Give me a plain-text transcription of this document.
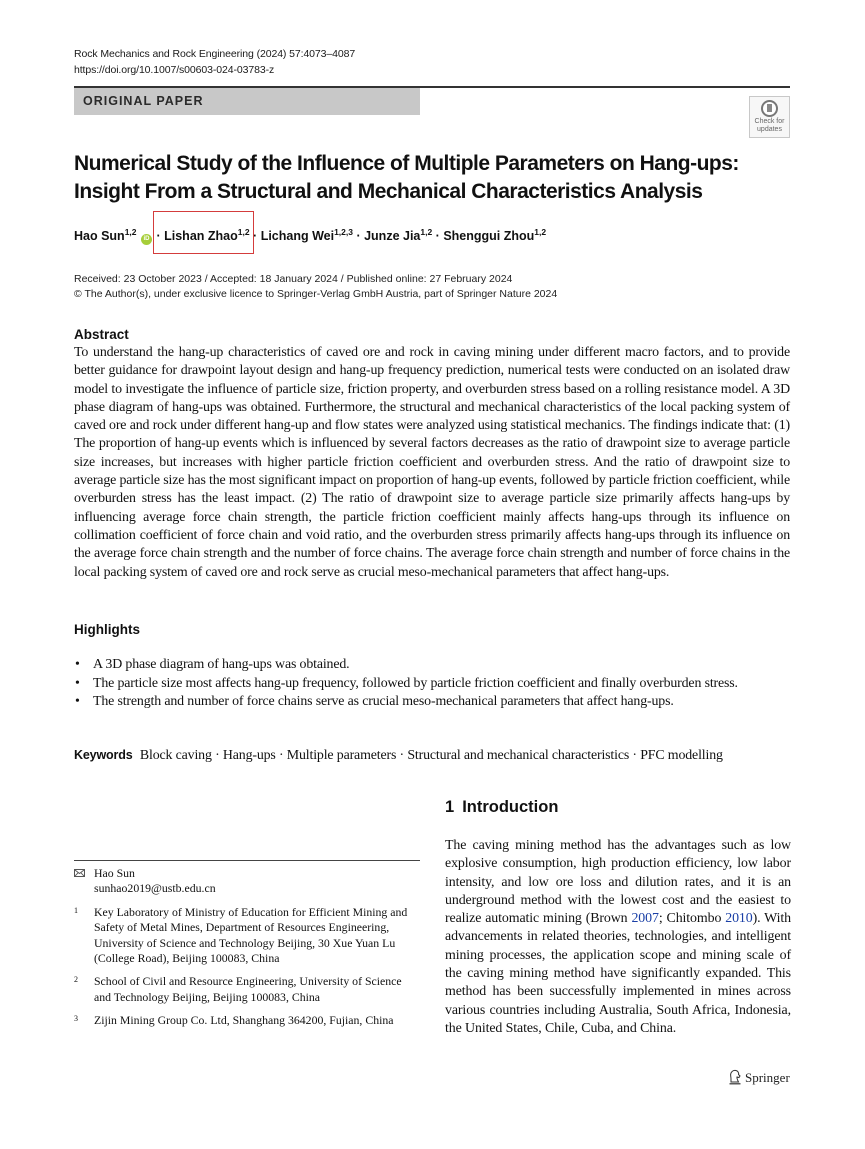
Rock Mechanics and Rock Engineering (2024) 57:4073–4087
https://doi.org/10.1007/s00603-024-03783-z
ORIGINAL PAPER
Check for
updates
Numerical Study of the Influence of Multiple Parameters on Hang-ups:
Insight From a Structural and Mechanical Characteristics Analysis
Hao Sun$^{1,2}$ iD · Lishan Zhao$^{1,2}$ · Lichang Wei$^{1,2,3}$ · Junze Jia$^{1,2}$ · Shenggui Zhou$^{1,2}$
Received: 23 October 2023 / Accepted: 18 January 2024 / Published online: 27 February 2024
© The Author(s), under exclusive licence to Springer-Verlag GmbH Austria, part of Springer Nature 2024
Abstract
To understand the hang-up characteristics of caved ore and rock in caving mining under different macro factors, and to provide better guidance for drawpoint layout design and hang-up frequency prediction, numerical tests were conducted on an isolated draw model to investigate the influence of particle size, friction property, and overburden stress based on a rolling resistance model. A 3D phase diagram of hang-ups was obtained. Furthermore, the structural and mechanical characteristics of the local packing system of caved ore and rock under different hang-up and flow states were analyzed using statistical mechanics. The findings indicate that: (1) The proportion of hang-up events which is influenced by several factors decreases as the ratio of drawpoint size to average particle size increases, but increases with higher particle friction coefficient and overburden stress. And the ratio of drawpoint size to average particle size has the most significant impact on proportion of hang-up events, followed by particle friction coefficient, while overburden stress has the least impact. (2) The ratio of drawpoint size to average particle size primarily affects hang-ups by influencing average force chain strength, the particle friction coefficient mainly affects hang-ups through its influence on collimation coefficient of force chain and void ratio, and the overburden stress primarily affects hang-ups through its influence on the average force chain strength and the number of force chains. The average force chain strength and number of force chains in the local packing system of caved ore and rock serve as crucial meso-mechanical parameters that affect hang-ups.
Highlights
• A 3D phase diagram of hang-ups was obtained.
• The particle size most affects hang-up frequency, followed by particle friction coefficient and finally overburden stress.
• The strength and number of force chains serve as crucial meso-mechanical parameters that affect hang-ups.
Keywords Block caving · Hang-ups · Multiple parameters · Structural and mechanical characteristics · PFC modelling
1 Introduction
The caving mining method has the advantages such as low explosive consumption, high production efficiency, low labor intensity, and low ore loss and dilution rates, and it is an underground method with the lowest cost and the easiest to realize automatic mining (Brown 2007; Chitombo 2010). With advancements in related theories, technologies, and intelligent mining processes, the application scope and mining scale of the caving mining method have significantly expanded. This method has been successfully implemented in mines across various countries including Australia, South Africa, Indonesia, the United States, Chile, Cuba, and China.
Hao Sun
sunhao2019@ustb.edu.cn
1 Key Laboratory of Ministry of Education for Efficient Mining and Safety of Metal Mines, Department of Resources Engineering, University of Science and Technology Beijing, 30 Xue Yuan Lu (College Road), Beijing 100083, China
2 School of Civil and Resource Engineering, University of Science and Technology Beijing, Beijing 100083, China
3 Zijin Mining Group Co. Ltd, Shanghang 364200, Fujian, China
Springer
